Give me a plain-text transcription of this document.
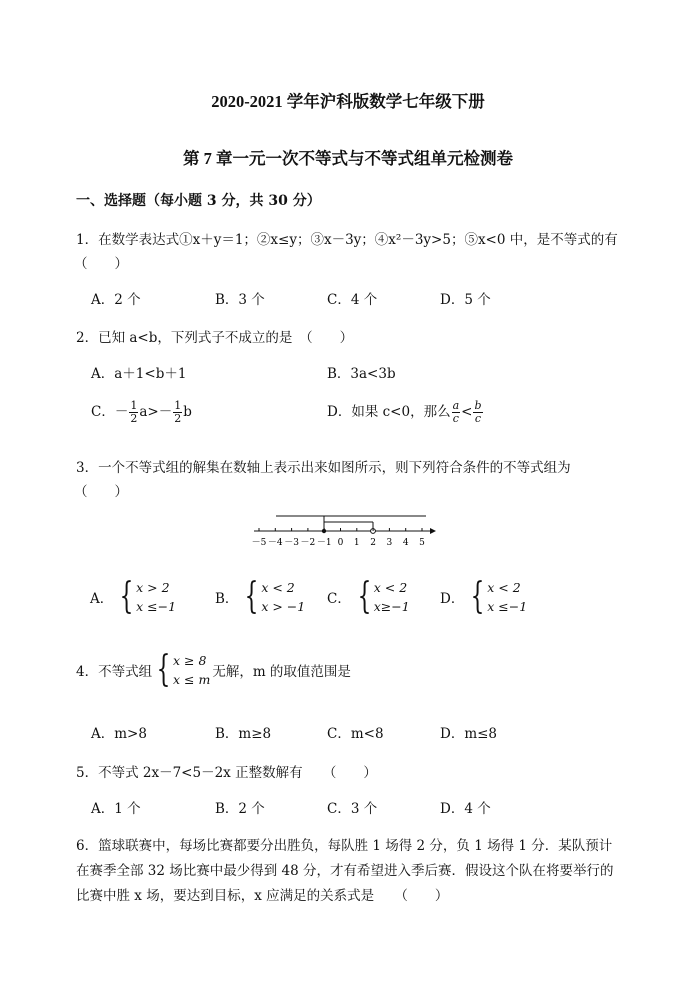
2020-2021 学年沪科版数学七年级下册
第 7 章一元一次不等式与不等式组单元检测卷
一、选择题（每小题 3 分，共 30 分）
1．在数学表达式①x＋y＝1；②x≤y；③x－3y；④x²－3y>5；⑤x<0 中，是不等式的有
（　　）
A．2 个	B．3 个	C．4 个	D．5 个
2．已知 a<b，下列式子不成立的是　（　　）
A．a＋1<b＋1	B．3a<3b
C．－ $\frac{1}{2} a>- \frac{1}{2}$ b	D．如果 c<0，那么 $\frac{a}{c} < \frac{b}{c}$
3．一个不等式组的解集在数轴上表示出来如图所示，则下列符合条件的不等式组为
（　　）
－5 －4 －3 －2 －1 0 1 2 3 4 5
A． { x > 2
x ≤−1	B． { x < 2
x > −1 C． { x < 2
x≥−1 D． { x < 2
x ≤−1
4．不等式组 { x ≥ 8
x ≤ m 无解，m 的取值范围是
A．m>8	B．m≥8	C．m<8	D．m≤8
5．不等式 2x－7<5－2x 正整数解有　　（　　）
A．1 个	B．2 个	C．3 个	D．4 个
6．篮球联赛中，每场比赛都要分出胜负，每队胜 1 场得 2 分，负 1 场得 1 分．某队预计
在赛季全部 32 场比赛中最少得到 48 分，才有希望进入季后赛．假设这个队在将要举行的
比赛中胜 x 场，要达到目标，x 应满足的关系式是　　（　　）
